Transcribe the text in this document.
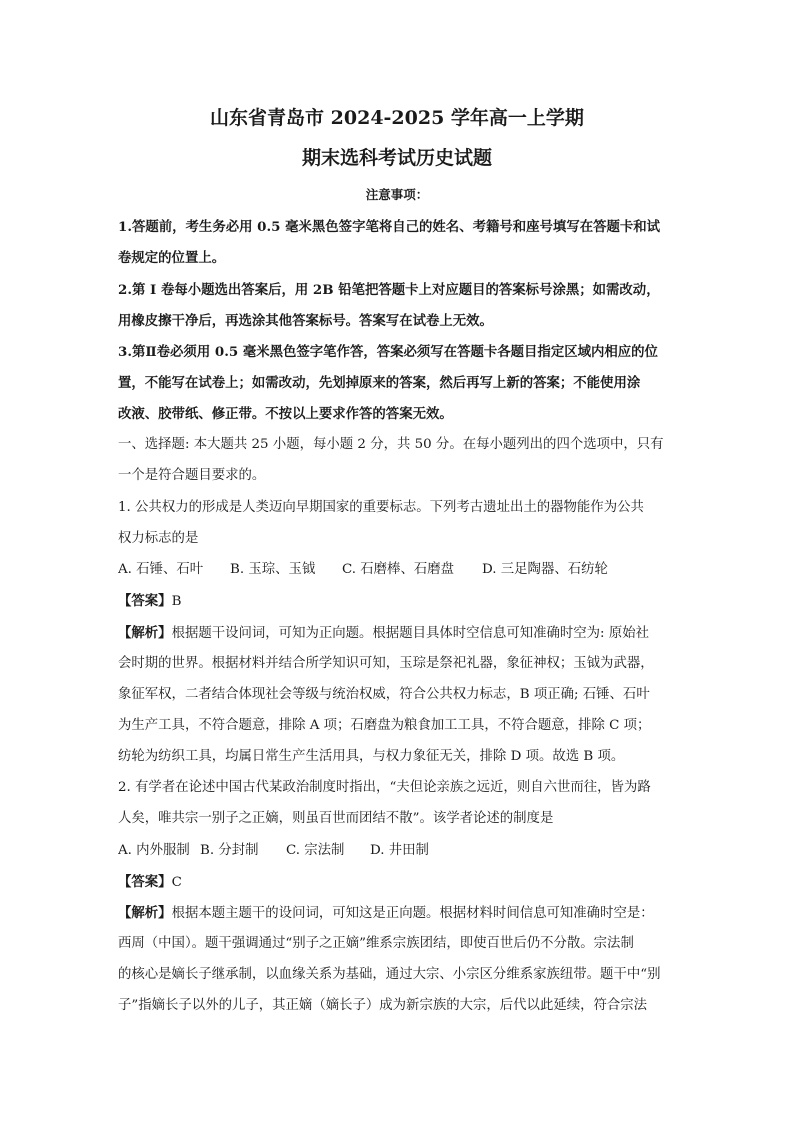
山东省青岛市 2024-2025 学年高一上学期
期末选科考试历史试题
注意事项：
1.答题前，考生务必用 0.5 毫米黑色签字笔将自己的姓名、考籍号和座号填写在答题卡和试
卷规定的位置上。
2.第 I 卷每小题选出答案后，用 2B 铅笔把答题卡上对应题目的答案标号涂黑；如需改动，
用橡皮擦干净后，再选涂其他答案标号。答案写在试卷上无效。
3.第Ⅱ卷必须用 0.5 毫米黑色签字笔作答，答案必须写在答题卡各题目指定区域内相应的位
置，不能写在试卷上；如需改动，先划掉原来的答案，然后再写上新的答案；不能使用涂
改液、胶带纸、修正带。不按以上要求作答的答案无效。
一、选择题: 本大题共 25 小题，每小题 2 分，共 50 分。在每小题列出的四个选项中，只有
一个是符合题目要求的。
1. 公共权力的形成是人类迈向早期国家的重要标志。下列考古遗址出土的器物能作为公共
权力标志的是
A. 石锤、石叶 B. 玉琮、玉钺 C. 石磨棒、石磨盘 D. 三足陶器、石纺轮
【答案】B
【解析】根据题干设问词，可知为正向题。根据题目具体时空信息可知准确时空为: 原始社
会时期的世界。根据材料并结合所学知识可知，玉琮是祭祀礼器，象征神权；玉钺为武器，
象征军权，二者结合体现社会等级与统治权威，符合公共权力标志，B 项正确; 石锤、石叶
为生产工具，不符合题意，排除 A 项；石磨盘为粮食加工工具，不符合题意，排除 C 项；
纺轮为纺织工具，均属日常生产生活用具，与权力象征无关，排除 D 项。故选 B 项。
2. 有学者在论述中国古代某政治制度时指出，“夫但论亲族之远近，则自六世而往，皆为路
人矣，唯共宗一别子之正嫡，则虽百世而团结不散”。该学者论述的制度是
A. 内外服制 B. 分封制 C. 宗法制 D. 井田制
【答案】C
【解析】根据本题主题干的设问词，可知这是正向题。根据材料时间信息可知准确时空是：
西周（中国）。题干强调通过“别子之正嫡”维系宗族团结，即使百世后仍不分散。宗法制
的核心是嫡长子继承制，以血缘关系为基础，通过大宗、小宗区分维系家族纽带。题干中“别
子”指嫡长子以外的儿子，其正嫡（嫡长子）成为新宗族的大宗，后代以此延续，符合宗法
